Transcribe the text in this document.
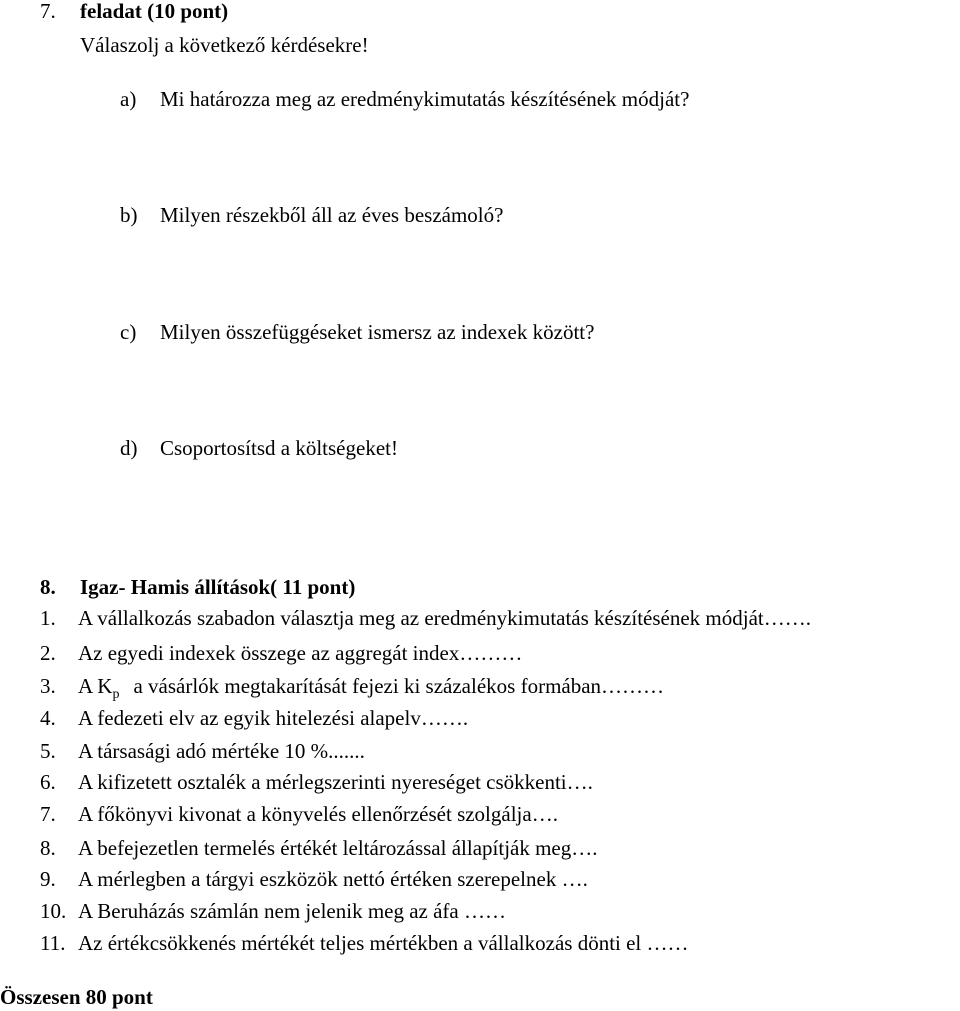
7. feladat (10 pont)
Válaszolj a következő kérdésekre!
a) Mi határozza meg az eredménykimutatás készítésének módját?
b) Milyen részekből áll az éves beszámoló?
c) Milyen összefüggéseket ismersz az indexek között?
d) Csoportosítsd a költségeket!
8. Igaz- Hamis állítások( 11 pont)
1. A vállalkozás szabadon választja meg az eredménykimutatás készítésének módját…….
2. Az egyedi indexek összege az aggregát index………
3. A $K_p$ a vásárlók megtakarítását fejezi ki százalékos formában………
4. A fedezeti elv az egyik hitelezési alapelv…….
5. A társasági adó mértéke 10 %.......
6. A kifizetett osztalék a mérlegszerinti nyereséget csökkenti….
7. A főkönyvi kivonat a könyvelés ellenőrzését szolgálja….
8. A befejezetlen termelés értékét leltározással állapítják meg….
9. A mérlegben a tárgyi eszközök nettó értéken szerepelnek ….
10. A Beruházás számlán nem jelenik meg az áfa ……
11. Az értékcsökkenés mértékét teljes mértékben a vállalkozás dönti el ……
Összesen 80 pont
